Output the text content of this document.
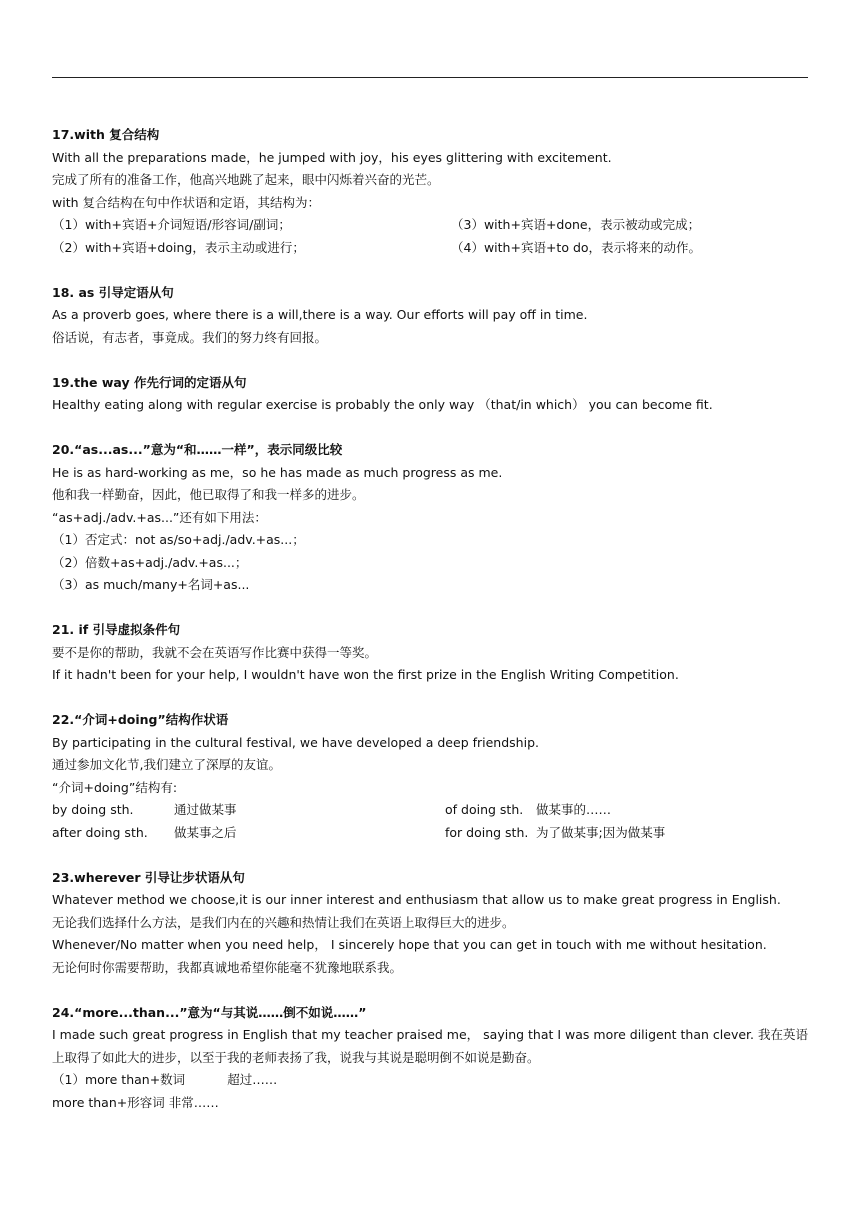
17.with 复合结构
With all the preparations made，he jumped with joy，his eyes glittering with excitement.
完成了所有的准备工作，他高兴地跳了起来，眼中闪烁着兴奋的光芒。
with 复合结构在句中作状语和定语，其结构为：
（1）with+宾语+介词短语/形容词/副词；	（3）with+宾语+done，表示被动或完成；
（2）with+宾语+doing，表示主动或进行；	（4）with+宾语+to do，表示将来的动作。
18. as 引导定语从句
As a proverb goes, where there is a will,there is a way. Our efforts will pay off in time.
俗话说，有志者，事竟成。我们的努力终有回报。
19.the way 作先行词的定语从句
Healthy eating along with regular exercise is probably the only way （that/in which） you can become fit.
20.“as...as...”意为“和……一样”，表示同级比较
He is as hard-working as me，so he has made as much progress as me.
他和我一样勤奋，因此，他已取得了和我一样多的进步。
“as+adj./adv.+as...”还有如下用法：
（1）否定式：not as/so+adj./adv.+as...；
（2）倍数+as+adj./adv.+as...；
（3）as much/many+名词+as...
21. if 引导虚拟条件句
要不是你的帮助，我就不会在英语写作比赛中获得一等奖。
If it hadn't been for your help, I wouldn't have won the first prize in the English Writing Competition.
22.“介词+doing”结构作状语
By participating in the cultural festival, we have developed a deep friendship.
通过参加文化节,我们建立了深厚的友谊。
“介词+doing”结构有:
by doing sth.	通过做某事	of doing sth. 做某事的……
after doing sth. 做某事之后	for doing sth. 为了做某事;因为做某事
23.wherever 引导让步状语从句
Whatever method we choose,it is our inner interest and enthusiasm that allow us to make great progress in English.
无论我们选择什么方法，是我们内在的兴趣和热情让我们在英语上取得巨大的进步。
Whenever/No matter when you need help， I sincerely hope that you can get in touch with me without hesitation.
无论何时你需要帮助，我都真诚地希望你能毫不犹豫地联系我。
24.“more...than...”意为“与其说……倒不如说……”
I made such great progress in English that my teacher praised me， saying that I was more diligent than clever. 我在英语上取得了如此大的进步，以至于我的老师表扬了我，说我与其说是聪明倒不如说是勤奋。
（1）more than+数词	超过……
more than+形容词 非常……
